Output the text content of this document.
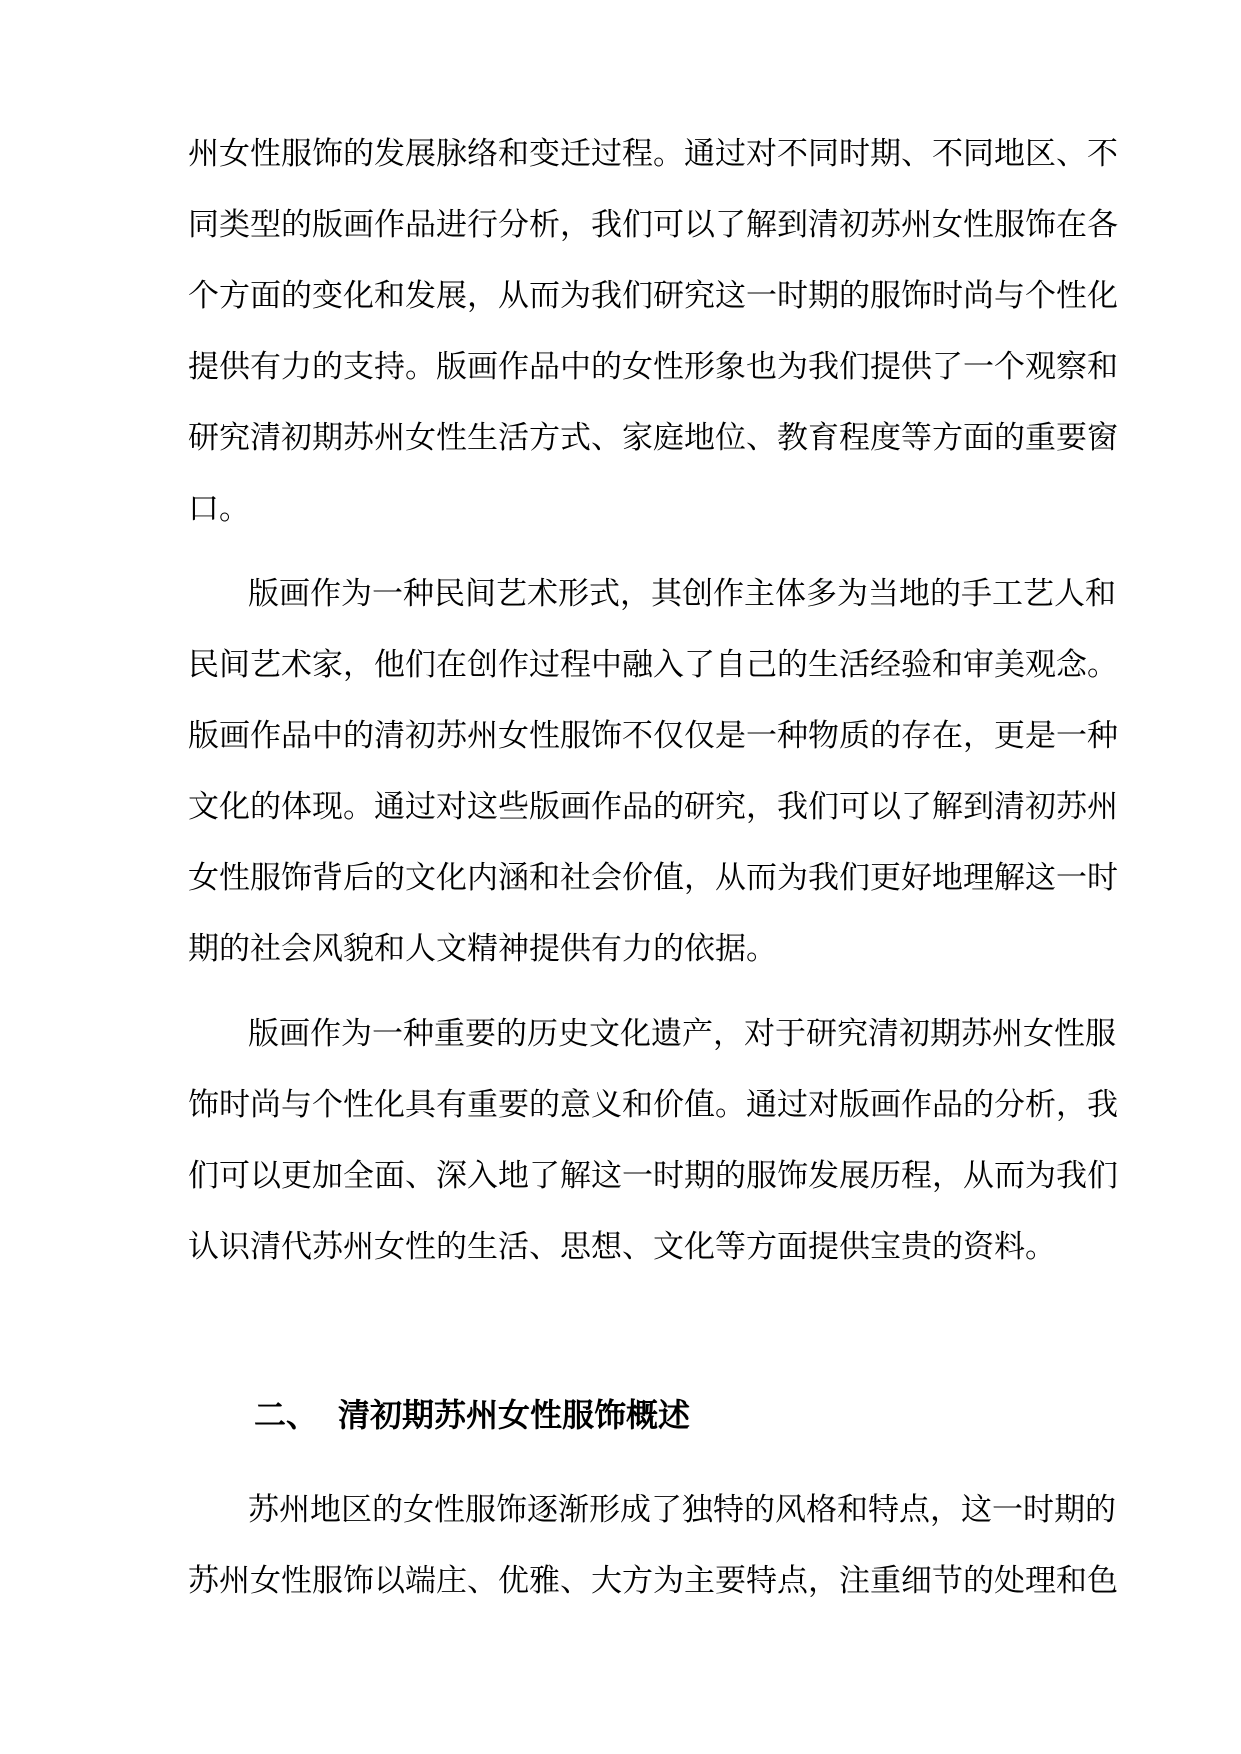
州女性服饰的发展脉络和变迁过程。通过对不同时期、不同地区、不
同类型的版画作品进行分析，我们可以了解到清初苏州女性服饰在各
个方面的变化和发展，从而为我们研究这一时期的服饰时尚与个性化
提供有力的支持。版画作品中的女性形象也为我们提供了一个观察和
研究清初期苏州女性生活方式、家庭地位、教育程度等方面的重要窗
口。
版画作为一种民间艺术形式，其创作主体多为当地的手工艺人和
民间艺术家，他们在创作过程中融入了自己的生活经验和审美观念。
版画作品中的清初苏州女性服饰不仅仅是一种物质的存在，更是一种
文化的体现。通过对这些版画作品的研究，我们可以了解到清初苏州
女性服饰背后的文化内涵和社会价值，从而为我们更好地理解这一时
期的社会风貌和人文精神提供有力的依据。
版画作为一种重要的历史文化遗产，对于研究清初期苏州女性服
饰时尚与个性化具有重要的意义和价值。通过对版画作品的分析，我
们可以更加全面、深入地了解这一时期的服饰发展历程，从而为我们
认识清代苏州女性的生活、思想、文化等方面提供宝贵的资料。
二、 清初期苏州女性服饰概述
苏州地区的女性服饰逐渐形成了独特的风格和特点，这一时期的
苏州女性服饰以端庄、优雅、大方为主要特点，注重细节的处理和色
